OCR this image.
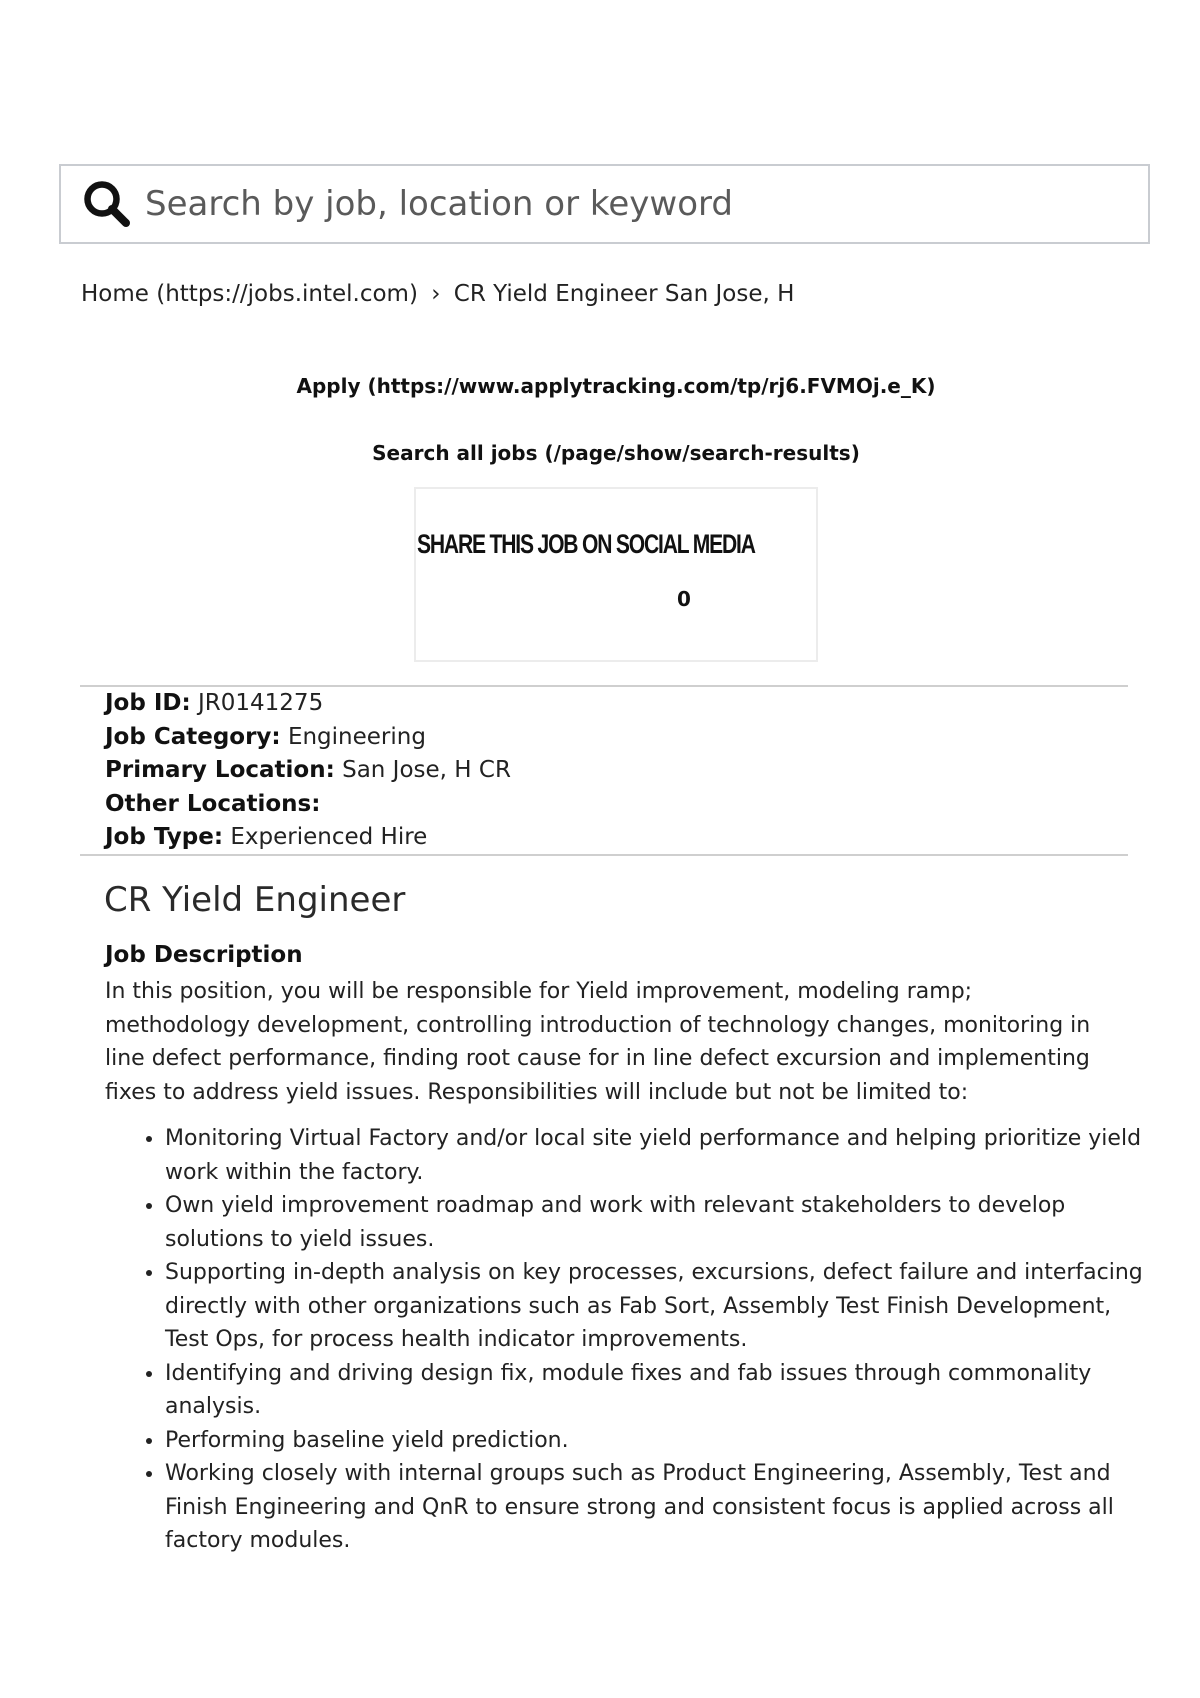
Search by job, location or keyword
Home (https://jobs.intel.com) › CR Yield Engineer San Jose, H
Apply (https://www.applytracking.com/tp/rj6.FVMOj.e_K)
Search all jobs (/page/show/search-results)
SHARE THIS JOB ON SOCIAL MEDIA
0
Job ID: JR0141275
Job Category: Engineering
Primary Location: San Jose, H CR
Other Locations:
Job Type: Experienced Hire
CR Yield Engineer
Job Description

In this position, you will be responsible for Yield improvement, modeling ramp; methodology development, controlling introduction of technology changes, monitoring in line defect performance, finding root cause for in line defect excursion and implementing fixes to address yield issues. Responsibilities will include but not be limited to:

• Monitoring Virtual Factory and/or local site yield performance and helping prioritize yield work within the factory.
• Own yield improvement roadmap and work with relevant stakeholders to develop solutions to yield issues.
• Supporting in-depth analysis on key processes, excursions, defect failure and interfacing directly with other organizations such as Fab Sort, Assembly Test Finish Development, Test Ops, for process health indicator improvements.
• Identifying and driving design fix, module fixes and fab issues through commonality analysis.
• Performing baseline yield prediction.
• Working closely with internal groups such as Product Engineering, Assembly, Test and Finish Engineering and QnR to ensure strong and consistent focus is applied across all factory modules.
